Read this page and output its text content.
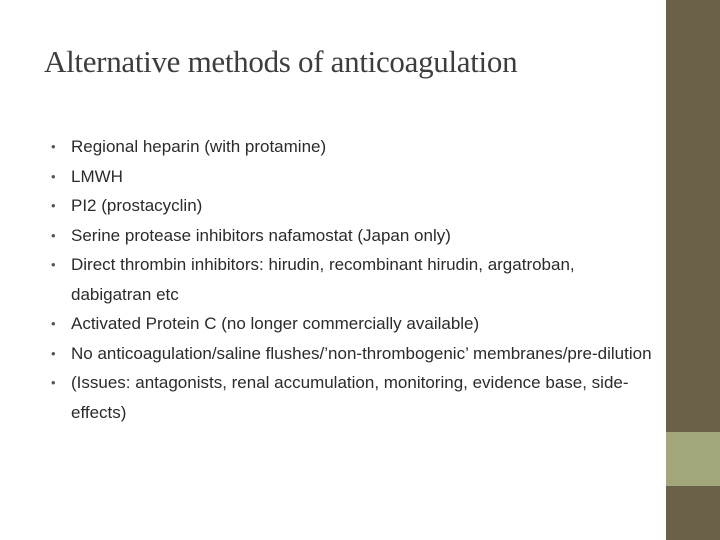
Alternative methods of anticoagulation
• Regional heparin (with protamine)
• LMWH
• PI2 (prostacyclin)
• Serine protease inhibitors nafamostat (Japan only)
• Direct thrombin inhibitors: hirudin, recombinant hirudin, argatroban, dabigatran etc
• Activated Protein C (no longer commercially available)
• No anticoagulation/saline flushes/’non-thrombogenic’ membranes/pre-dilution
• (Issues: antagonists, renal accumulation, monitoring, evidence base, side-effects)
